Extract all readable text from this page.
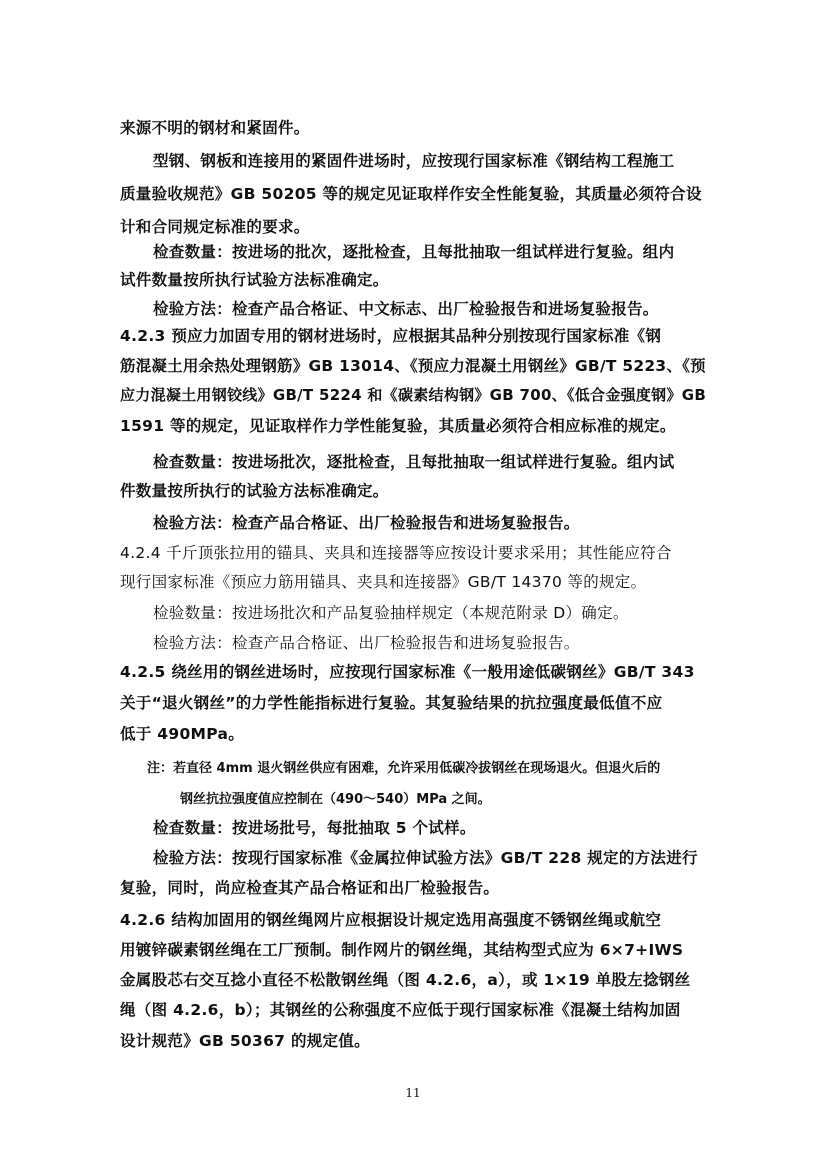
来源不明的钢材和紧固件。
型钢、钢板和连接用的紧固件进场时，应按现行国家标准《钢结构工程施工
质量验收规范》GB 50205 等的规定见证取样作安全性能复验，其质量必须符合设
计和合同规定标准的要求。
检查数量：按进场的批次，逐批检查，且每批抽取一组试样进行复验。组内
试件数量按所执行试验方法标准确定。
检验方法：检查产品合格证、中文标志、出厂检验报告和进场复验报告。
4.2.3 预应力加固专用的钢材进场时，应根据其品种分别按现行国家标准《钢
筋混凝土用余热处理钢筋》GB 13014、《预应力混凝土用钢丝》GB/T 5223、《预
应力混凝土用钢铰线》GB/T 5224 和《碳素结构钢》GB 700、《低合金强度钢》GB
1591 等的规定，见证取样作力学性能复验，其质量必须符合相应标准的规定。
检查数量：按进场批次，逐批检查，且每批抽取一组试样进行复验。组内试
件数量按所执行的试验方法标准确定。
检验方法：检查产品合格证、出厂检验报告和进场复验报告。
4.2.4 千斤顶张拉用的锚具、夹具和连接器等应按设计要求采用；其性能应符合
现行国家标准《预应力筋用锚具、夹具和连接器》GB/T 14370 等的规定。
检验数量：按进场批次和产品复验抽样规定（本规范附录 D）确定。
检验方法：检查产品合格证、出厂检验报告和进场复验报告。
4.2.5 绕丝用的钢丝进场时，应按现行国家标准《一般用途低碳钢丝》GB/T 343
关于“退火钢丝”的力学性能指标进行复验。其复验结果的抗拉强度最低值不应
低于 490MPa。
注：若直径 4mm 退火钢丝供应有困难，允许采用低碳冷拔钢丝在现场退火。但退火后的
钢丝抗拉强度值应控制在（490～540）MPa 之间。
检查数量：按进场批号，每批抽取 5 个试样。
检验方法：按现行国家标准《金属拉伸试验方法》GB/T 228 规定的方法进行
复验，同时，尚应检查其产品合格证和出厂检验报告。
4.2.6 结构加固用的钢丝绳网片应根据设计规定选用高强度不锈钢丝绳或航空
用镀锌碳素钢丝绳在工厂预制。制作网片的钢丝绳，其结构型式应为 6×7+IWS
金属股芯右交互捻小直径不松散钢丝绳（图 4.2.6，a），或 1×19 单股左捻钢丝
绳（图 4.2.6，b）；其钢丝的公称强度不应低于现行国家标准《混凝土结构加固
设计规范》GB 50367 的规定值。
11
